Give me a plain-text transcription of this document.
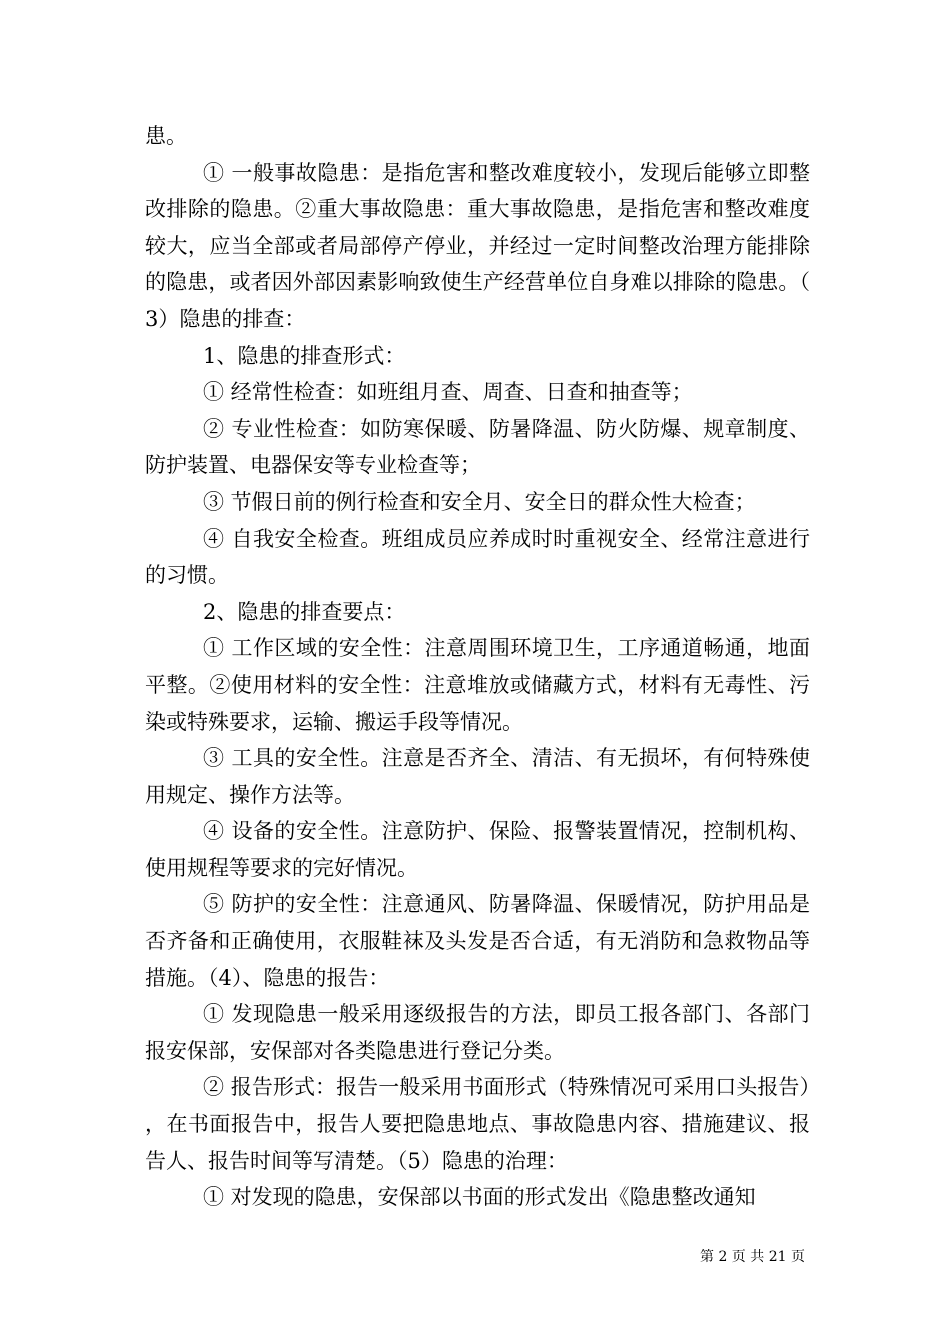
患。

① 一般事故隐患：是指危害和整改难度较小，发现后能够立即整改排除的隐患。②重大事故隐患：重大事故隐患，是指危害和整改难度较大，应当全部或者局部停产停业，并经过一定时间整改治理方能排除的隐患，或者因外部因素影响致使生产经营单位自身难以排除的隐患。（3）隐患的排查：

1、隐患的排查形式：

① 经常性检查：如班组月查、周查、日查和抽查等；

② 专业性检查：如防寒保暖、防暑降温、防火防爆、规章制度、防护装置、电器保安等专业检查等；

③ 节假日前的例行检查和安全月、安全日的群众性大检查；

④ 自我安全检查。班组成员应养成时时重视安全、经常注意进行的习惯。

2、隐患的排查要点：

① 工作区域的安全性：注意周围环境卫生，工序通道畅通，地面平整。②使用材料的安全性：注意堆放或储藏方式，材料有无毒性、污染或特殊要求，运输、搬运手段等情况。

③ 工具的安全性。注意是否齐全、清洁、有无损坏，有何特殊使用规定、操作方法等。

④ 设备的安全性。注意防护、保险、报警装置情况，控制机构、使用规程等要求的完好情况。

⑤ 防护的安全性：注意通风、防暑降温、保暖情况，防护用品是否齐备和正确使用，衣服鞋袜及头发是否合适，有无消防和急救物品等措施。（4）、隐患的报告：

① 发现隐患一般采用逐级报告的方法，即员工报各部门、各部门报安保部，安保部对各类隐患进行登记分类。

② 报告形式：报告一般采用书面形式（特殊情况可采用口头报告），在书面报告中，报告人要把隐患地点、事故隐患内容、措施建议、报告人、报告时间等写清楚。（5）隐患的治理：

① 对发现的隐患，安保部以书面的形式发出《隐患整改通知

第 2 页 共 21 页
